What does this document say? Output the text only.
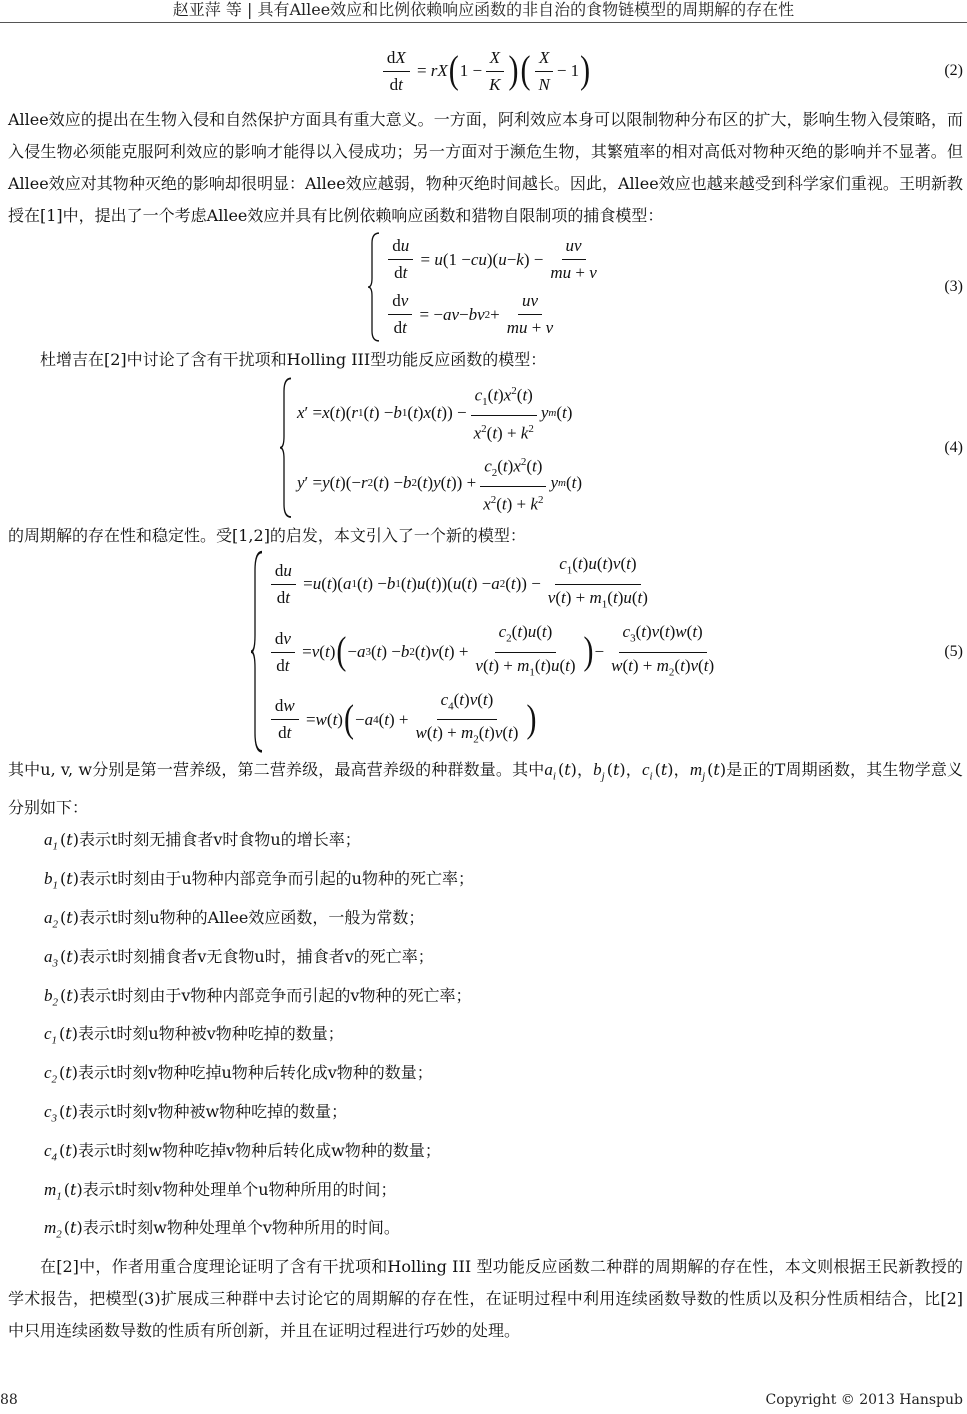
赵亚萍 等 | 具有Allee效应和比例依赖响应函数的非自治的食物链模型的周期解的存在性
$\frac{dX}{dt}$ = rX ( $1 - \frac{X}{K}$ ) ( $\frac{X}{N} - 1$ )	(2)

Allee效应的提出在生物入侵和自然保护方面具有重大意义。一方面，阿利效应本身可以限制物种分布区的扩大，影响生物入侵策略，而入侵生物必须能克服阿利效应的影响才能得以入侵成功；另一方面对于濒危生物，其繁殖率的相对高低对物种灭绝的影响并不显著。但Allee效应对其物种灭绝的影响却很明显：Allee效应越弱，物种灭绝时间越长。因此，Allee效应也越来越受到科学家们重视。王明新教授在[1]中，提出了一个考虑Allee效应并具有比例依赖响应函数和猎物自限制项的捕食模型：

$\frac{du}{dt} = u$ (1 − cu )( u − k ) − $\frac{uv}{mu + v}$
$\frac{dv}{dt}$ = − av − bv $2 + \frac{uv}{mu + v}$
(3)

杜增吉在[2]中讨论了含有干扰项和Holling III型功能反应函数的模型：

x ′ = x ( t )( r 1 ( t ) − b 1 ( t ) x ( t )) − $\frac{c_1(t)x^2(t)}{x^2(t) + k^2}$ y m ( t )
y ′ = y ( t )(− r 2 ( t ) − b 2 ( t ) y ( t )) + $\frac{c_2(t)x^2(t)}{x^2(t) + k^2}$ y m ( t )
(4)

的周期解的存在性和稳定性。受[1,2]的启发，本文引入了一个新的模型：

$\frac{du}{dt} = u$ ( t )( a 1 ( t ) − b 1 ( t ) u ( t ))( u ( t ) − a 2 ( t )) − $\frac{c_1(t)u(t)v(t)}{v(t) + m_1(t)u(t)}$
$\frac{dv}{dt} = v$ ( t ) ( − a 3 ( t ) − b 2 ( t ) v ( t ) + $\frac{c_2(t)u(t)}{v(t) + m_1(t)u(t)}$ ) − $\frac{c_3(t)v(t)w(t)}{w(t) + m_2(t)v(t)}$
$\frac{dw}{dt} = w$ ( t ) ( − a 4 ( t ) + $\frac{c_4(t)v(t)}{w(t) + m_2(t)v(t)}$ )
(5)

其中u, v, w分别是第一营养级，第二营养级，最高营养级的种群数量。其中$a_i$ (t)，$b_j$ (t)，$c_i$ (t)，$m_j$ (t)是正的T周期函数，其生物学意义分别如下：

$a_1$ (t)表示t时刻无捕食者v时食物u的增长率；
$b_1$ (t)表示t时刻由于u物种内部竞争而引起的u物种的死亡率；
$a_2$ (t)表示t时刻u物种的Allee效应函数，一般为常数；
$a_3$ (t)表示t时刻捕食者v无食物u时，捕食者v的死亡率；
$b_2$ (t)表示t时刻由于v物种内部竞争而引起的v物种的死亡率；
$c_1$ (t)表示t时刻u物种被v物种吃掉的数量；
$c_2$ (t)表示t时刻v物种吃掉u物种后转化成v物种的数量；
$c_3$ (t)表示t时刻v物种被w物种吃掉的数量；
$c_4$ (t)表示t时刻w物种吃掉v物种后转化成w物种的数量；
$m_1$ (t)表示t时刻v物种处理单个u物种所用的时间；
$m_2$ (t)表示t时刻w物种处理单个v物种所用的时间。

在[2]中，作者用重合度理论证明了含有干扰项和Holling III 型功能反应函数二种群的周期解的存在性，本文则根据王民新教授的学术报告，把模型(3)扩展成三种群中去讨论它的周期解的存在性，在证明过程中利用连续函数导数的性质以及积分性质相结合，比[2]中只用连续函数导数的性质有所创新，并且在证明过程进行巧妙的处理。

88	Copyright © 2013 Hanspub
